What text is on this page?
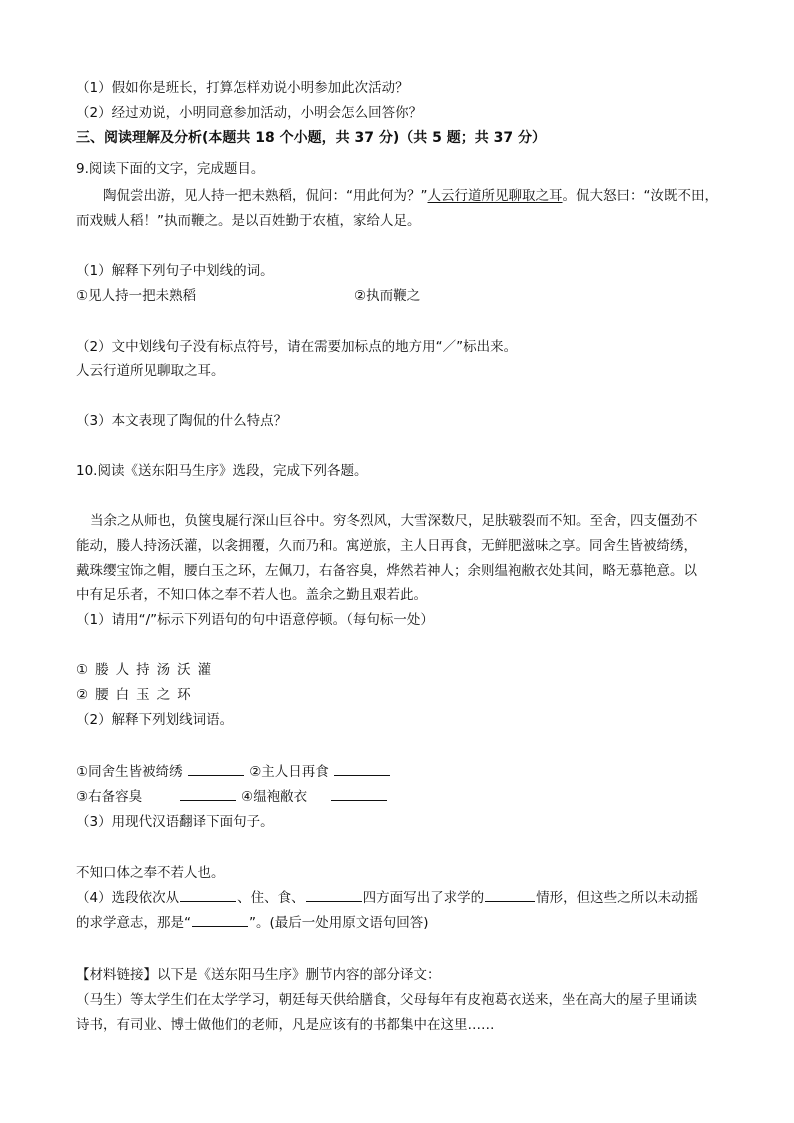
（1）假如你是班长，打算怎样劝说小明参加此次活动？
（2）经过劝说，小明同意参加活动，小明会怎么回答你？
三、阅读理解及分析(本题共 18 个小题，共 37 分)（共 5 题；共 37 分）
9.阅读下面的文字，完成题目。
陶侃尝出游，见人持一把未熟稻，侃问：“用此何为？”人云行道所见聊取之耳。侃大怒曰：“汝既不田，
而戏贼人稻！”执而鞭之。是以百姓勤于农植，家给人足。
（1）解释下列句子中划线的词。
①见人持一把未熟稻	②执而鞭之
（2）文中划线句子没有标点符号，请在需要加标点的地方用“／”标出来。
人云行道所见聊取之耳。
（3）本文表现了陶侃的什么特点？
10.阅读《送东阳马生序》选段，完成下列各题。
当余之从师也，负箧曳屣行深山巨谷中。穷冬烈风，大雪深数尺，足肤皲裂而不知。至舍，四支僵劲不
能动，媵人持汤沃灌，以衾拥覆，久而乃和。寓逆旅，主人日再食，无鲜肥滋味之享。同舍生皆被绮绣，
戴珠缨宝饰之帽，腰白玉之环，左佩刀，右备容臭，烨然若神人；余则缊袍敝衣处其间，略无慕艳意。以
中有足乐者，不知口体之奉不若人也。盖余之勤且艰若此。
（1）请用“/”标示下列语句的句中语意停顿。（每句标一处）
①媵人持汤沃灌
②腰白玉之环
（2）解释下列划线词语。
①同舍生皆被绮绣	②主人日再食
③右备容臭	④缊袍敝衣
（3）用现代汉语翻译下面句子。
不知口体之奉不若人也。
（4）选段依次从	、住、食、	四方面写出了求学的	情形，但这些之所以未动摇
的求学意志，那是“	”。(最后一处用原文语句回答)
【材料链接】以下是《送东阳马生序》删节内容的部分译文：
（马生）等太学生们在太学学习，朝廷每天供给膳食，父母每年有皮袍葛衣送来，坐在高大的屋子里诵读
诗书，有司业、博士做他们的老师，凡是应该有的书都集中在这里……
